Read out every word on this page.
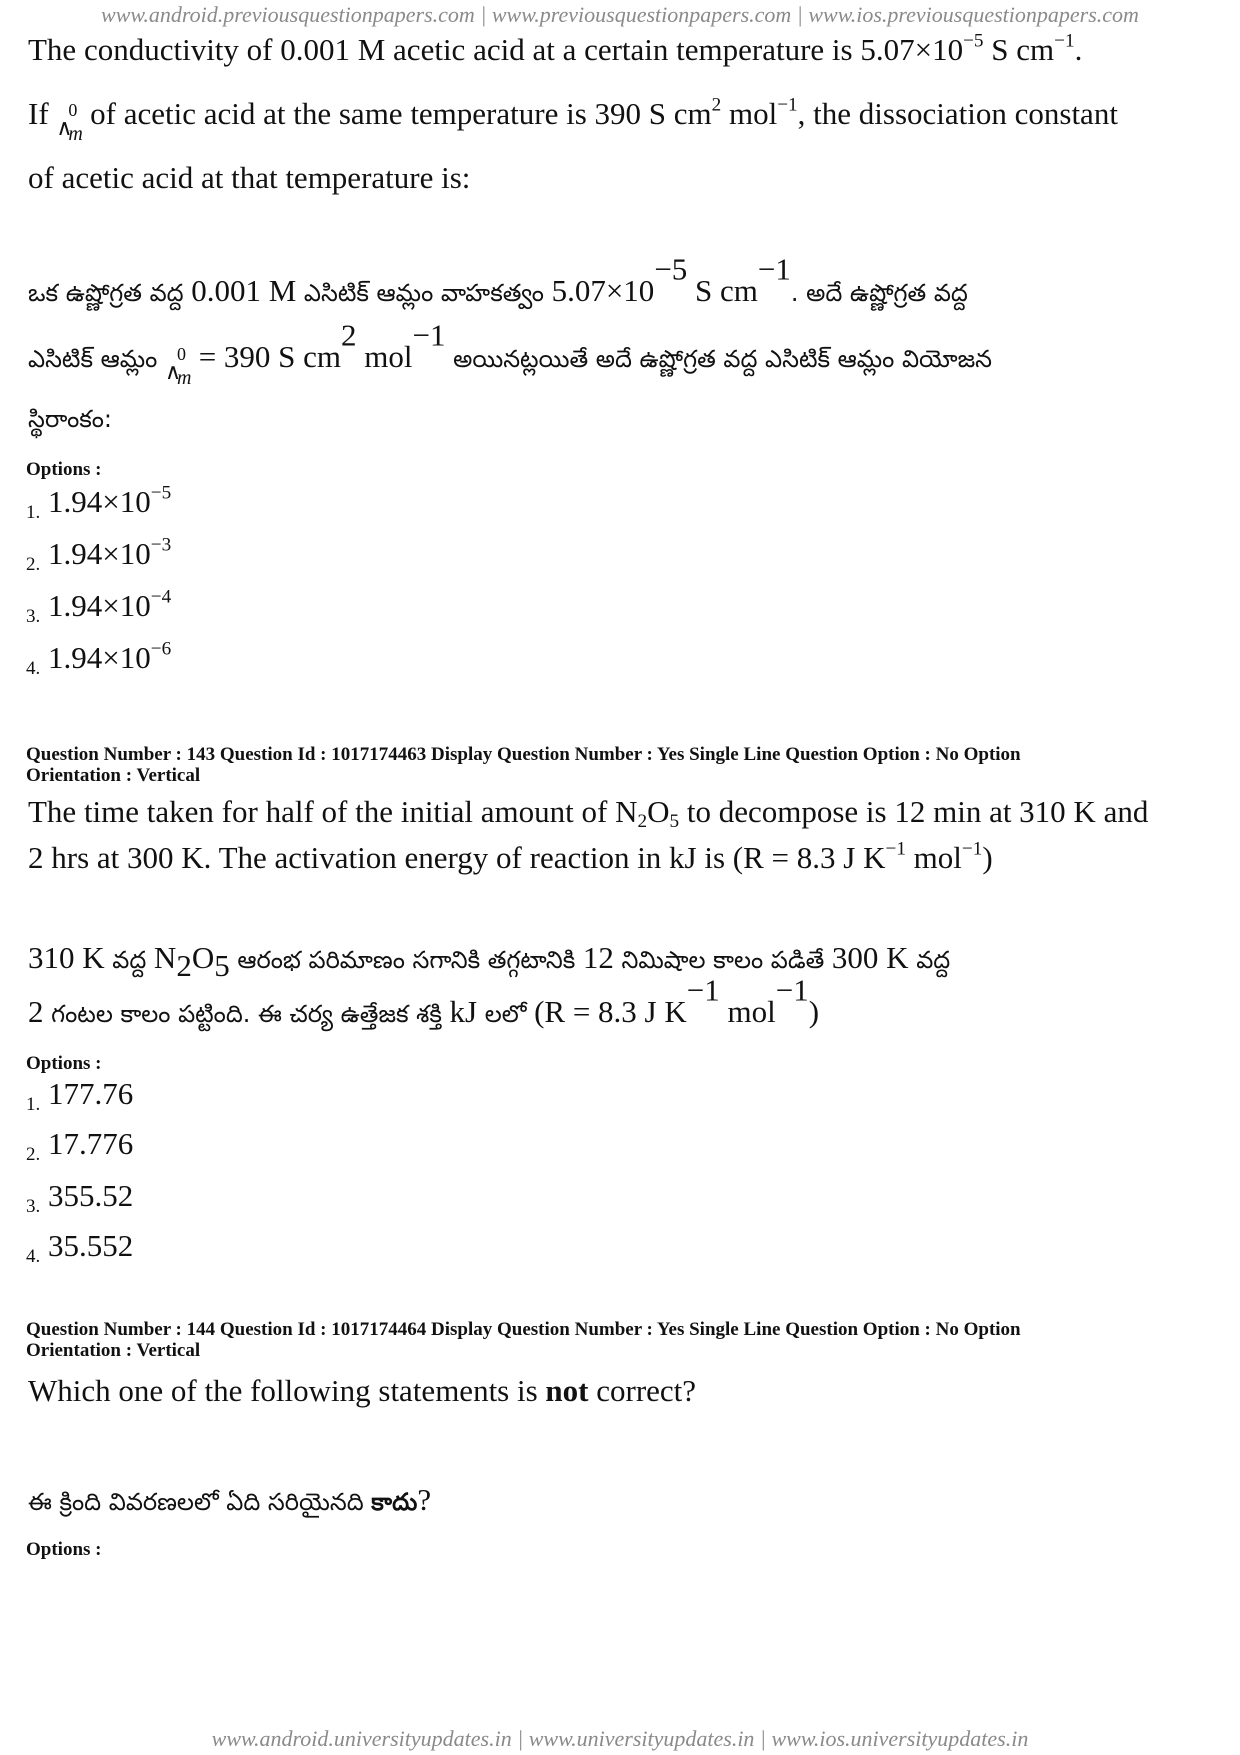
www.android.previousquestionpapers.com | www.previousquestionpapers.com | www.ios.previousquestionpapers.com
The conductivity of 0.001 M acetic acid at a certain temperature is $5.07\times 10^{-5}$ S $cm^{-1}$.
If ∧
0
m
of acetic acid at the same temperature is 390 S $cm^2$ mol$^{-1}$, the dissociation constant
of acetic acid at that temperature is:
ఒక ఉష్ణోగ్రత వద్ద 0.001 M ఎసిటిక్ ఆమ్లం వాహకత్వం $5.07\times 10^{-5}$ S $cm^{-1}$. అదే ఉష్ణోగ్రత వద్ద
ఎసిటిక్ ఆమ్లం ∧
0
m
= 390 S $cm^2$ mol$^{-1}$ అయినట్లయితే అదే ఉష్ణోగ్రత వద్ద ఎసిటిక్ ఆమ్లం వియోజన
స్థిరాంకం:
Options :
1. $1.94\times 10^{-5}$
2. $1.94\times 10^{-3}$
3. $1.94\times 10^{-4}$
4. $1.94\times 10^{-6}$
Question Number : 143 Question Id : 1017174463 Display Question Number : Yes Single Line Question Option : No Option
Orientation : Vertical
The time taken for half of the initial amount of $N_2O_5$ to decompose is 12 min at 310 K and
2 hrs at 300 K. The activation energy of reaction in kJ is (R = 8.3 J $K^{-1}$ mol$^{-1}$)
310 K వద్ద $N_2O_5$ ఆరంభ పరిమాణం సగానికి తగ్గటానికి 12 నిమిషాల కాలం పడితే 300 K వద్ద
2 గంటల కాలం పట్టింది. ఈ చర్య ఉత్తేజక శక్తి kJ లలో (R = 8.3 J $K^{-1}$ mol$^{-1}$)
Options :
1. 177.76
2. 17.776
3. 355.52
4. 35.552
Question Number : 144 Question Id : 1017174464 Display Question Number : Yes Single Line Question Option : No Option
Orientation : Vertical
Which one of the following statements is not correct?
ఈ క్రింది వివరణలలో ఏది సరియైనది కాదు?
Options :
www.android.universityupdates.in | www.universityupdates.in | www.ios.universityupdates.in
